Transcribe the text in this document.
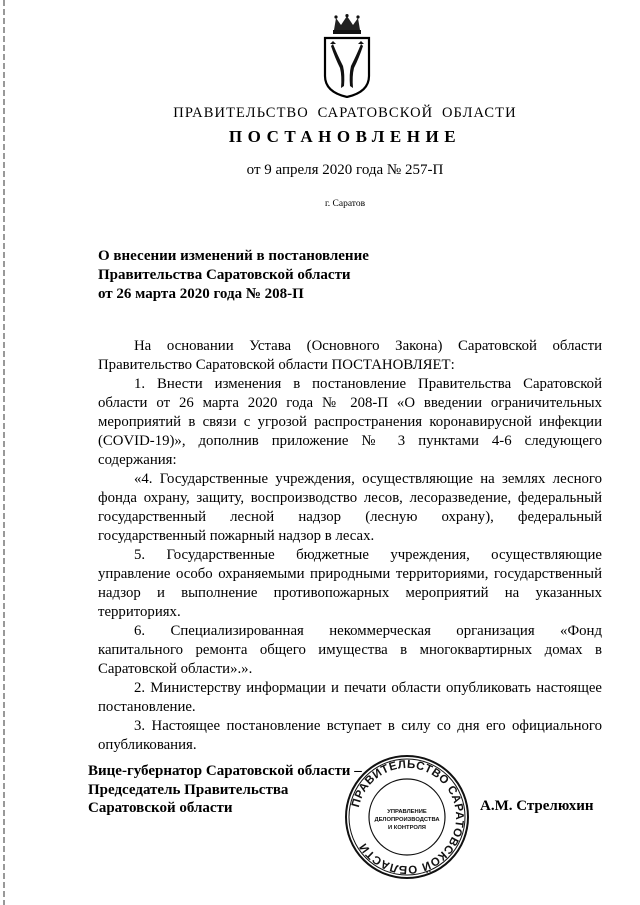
ПРАВИТЕЛЬСТВО САРАТОВСКОЙ ОБЛАСТИ
ПОСТАНОВЛЕНИЕ
от 9 апреля 2020 года № 257-П
г. Саратов
О внесении изменений в постановление
Правительства Саратовской области
от 26 марта 2020 года № 208-П

На основании Устава (Основного Закона) Саратовской области Правительство Саратовской области ПОСТАНОВЛЯЕТ:

1. Внести изменения в постановление Правительства Саратовской области от 26 марта 2020 года № 208-П «О введении ограничительных мероприятий в связи с угрозой распространения коронавирусной инфекции (COVID-19)», дополнив приложение № 3 пунктами 4-6 следующего содержания:

«4. Государственные учреждения, осуществляющие на землях лесного фонда охрану, защиту, воспроизводство лесов, лесоразведение, федеральный государственный лесной надзор (лесную охрану), федеральный государственный пожарный надзор в лесах.

5. Государственные бюджетные учреждения, осуществляющие управление особо охраняемыми природными территориями, государственный надзор и выполнение противопожарных мероприятий на указанных территориях.

6. Специализированная некоммерческая организация «Фонд капитального ремонта общего имущества в многоквартирных домах в Саратовской области».».

2. Министерству информации и печати области опубликовать настоящее постановление.

3. Настоящее постановление вступает в силу со дня его официального опубликования.

Вице-губернатор Саратовской области –
Председатель Правительства
Саратовской области	ПРАВИТЕЛЬСТВО САРАТОВСКОЙ ОБЛАСТИ
УПРАВЛЕНИЕ
ДЕЛОПРОИЗВОДСТВА
И КОНТРОЛЯ
А.М. Стрелюхин
